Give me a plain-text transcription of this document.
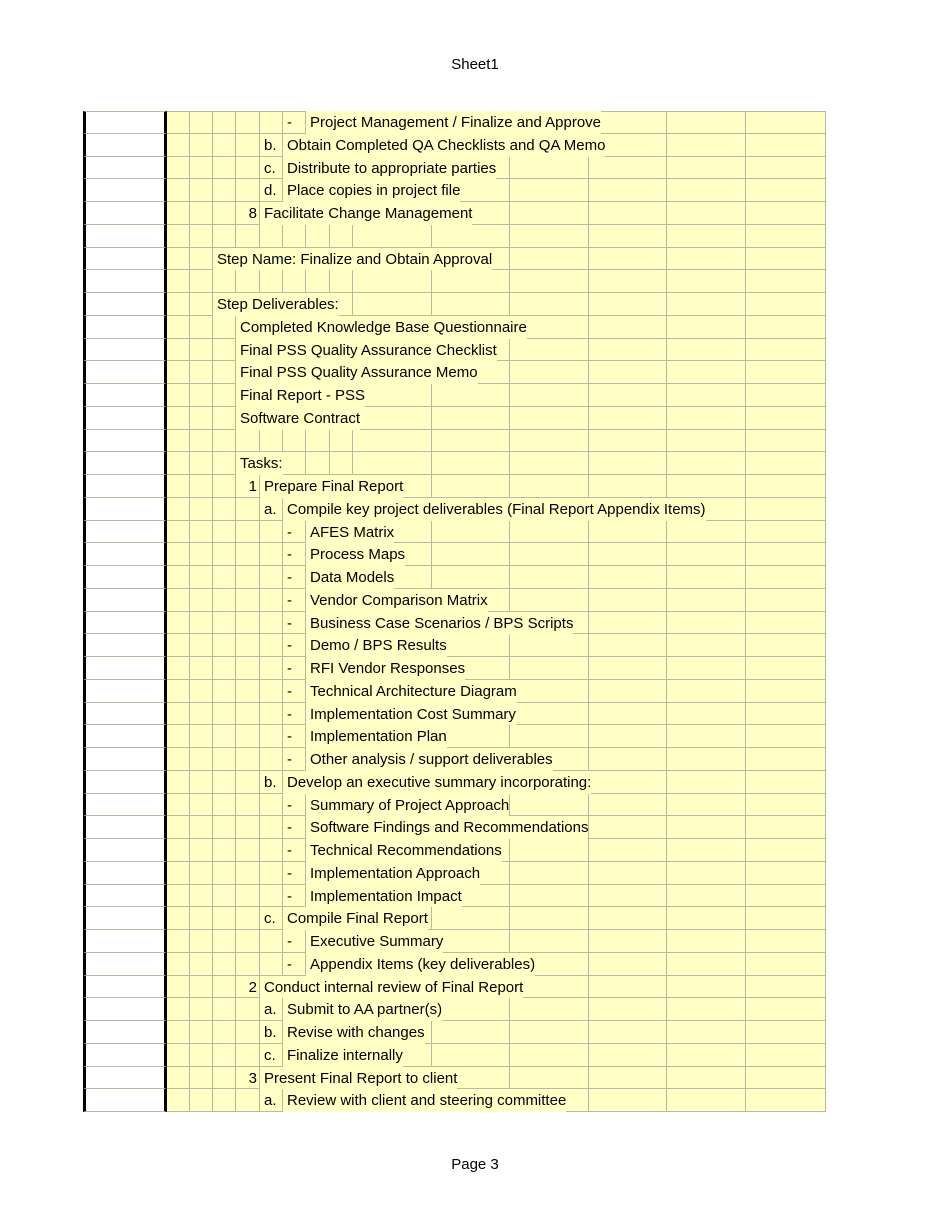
Sheet1
- Project Management / Finalize and Approve
b. Obtain Completed QA Checklists and QA Memo
c. Distribute to appropriate parties
d. Place copies in project file
8 Facilitate Change Management
Step Name: Finalize and Obtain Approval
Step Deliverables:
Completed Knowledge Base Questionnaire
Final PSS Quality Assurance Checklist
Final PSS Quality Assurance Memo
Final Report - PSS
Software Contract
Tasks:
1 Prepare Final Report
a. Compile key project deliverables (Final Report Appendix Items)
- AFES Matrix
- Process Maps
- Data Models
- Vendor Comparison Matrix
- Business Case Scenarios / BPS Scripts
- Demo / BPS Results
- RFI Vendor Responses
- Technical Architecture Diagram
- Implementation Cost Summary
- Implementation Plan
- Other analysis / support deliverables
b. Develop an executive summary incorporating:
- Summary of Project Approach
- Software Findings and Recommendations
- Technical Recommendations
- Implementation Approach
- Implementation Impact
c. Compile Final Report
- Executive Summary
- Appendix Items (key deliverables)
2 Conduct internal review of Final Report
a. Submit to AA partner(s)
b. Revise with changes
c. Finalize internally
3 Present Final Report to client
a. Review with client and steering committee
Page 3
